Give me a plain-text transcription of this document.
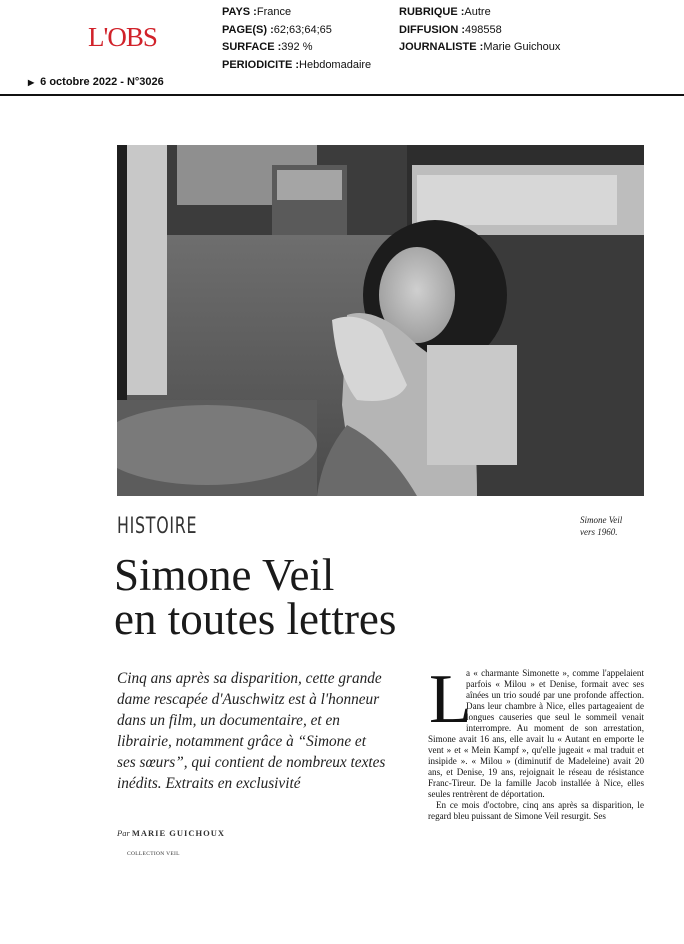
L'OBS
PAYS :France
PAGE(S) :62;63;64;65
SURFACE :392 %
PERIODICITE :Hebdomadaire
RUBRIQUE :Autre
DIFFUSION :498558
JOURNALISTE :Marie Guichoux
▶ 6 octobre 2022 - N°3026
Simone Veil
vers 1960.
HISTOIRE
Simone Veil
en toutes lettres
Cinq ans après sa disparition, cette grande dame rescapée d'Auschwitz est à l'honneur dans un film, un documentaire, et en librairie, notamment grâce à “Simone et ses sœurs”, qui contient de nombreux textes inédits. Extraits en exclusivité
Par MARIE GUICHOUX
COLLECTION VEIL
L

a « charmante Simonette », comme l'appelaient parfois « Milou » et Denise, formait avec ses aînées un trio soudé par une profonde affection. Dans leur chambre à Nice, elles partageaient de longues causeries que seul le sommeil venait interrompre. Au moment de son arrestation, Simone avait 16 ans, elle avait lu « Autant en emporte le vent » et « Mein Kampf », qu'elle jugeait « mal traduit et insipide ». « Milou » (diminutif de Madeleine) avait 20 ans, et Denise, 19 ans, rejoignait le réseau de résistance Franc-Tireur. De la famille Jacob installée à Nice, elles seules rentrèrent de déportation.

En ce mois d'octobre, cinq ans après sa disparition, le regard bleu puissant de Simone Veil resurgit. Ses
